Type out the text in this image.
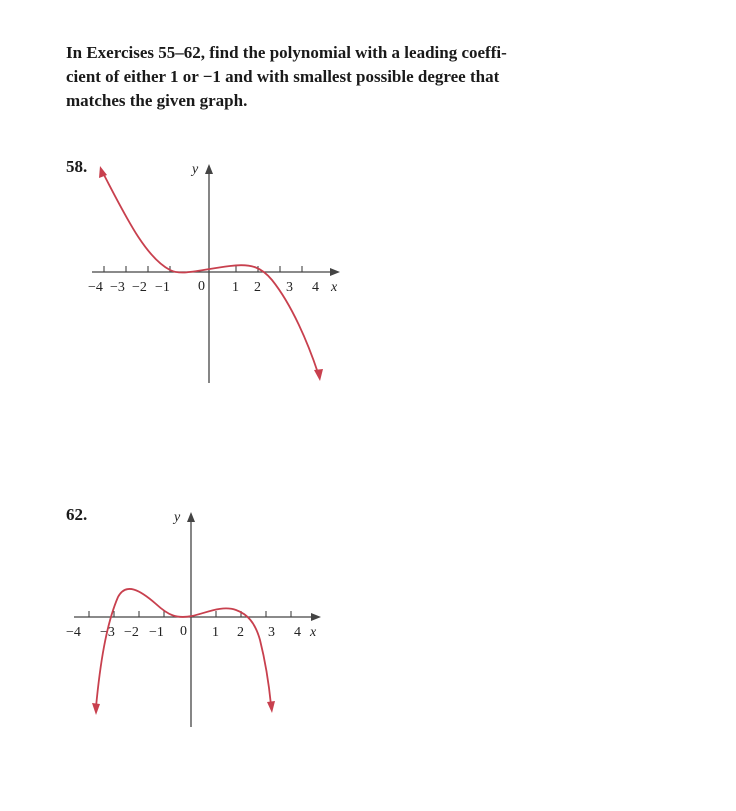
In Exercises 55–62, find the polynomial with a leading coeffi-
cient of either 1 or −1 and with smallest possible degree that
matches the given graph.
58.	y
x
0
−4 −3 −2 −1	1 2 3 4
62.	y
x
0
−4 −3 −2 −1	1 2 3 4
